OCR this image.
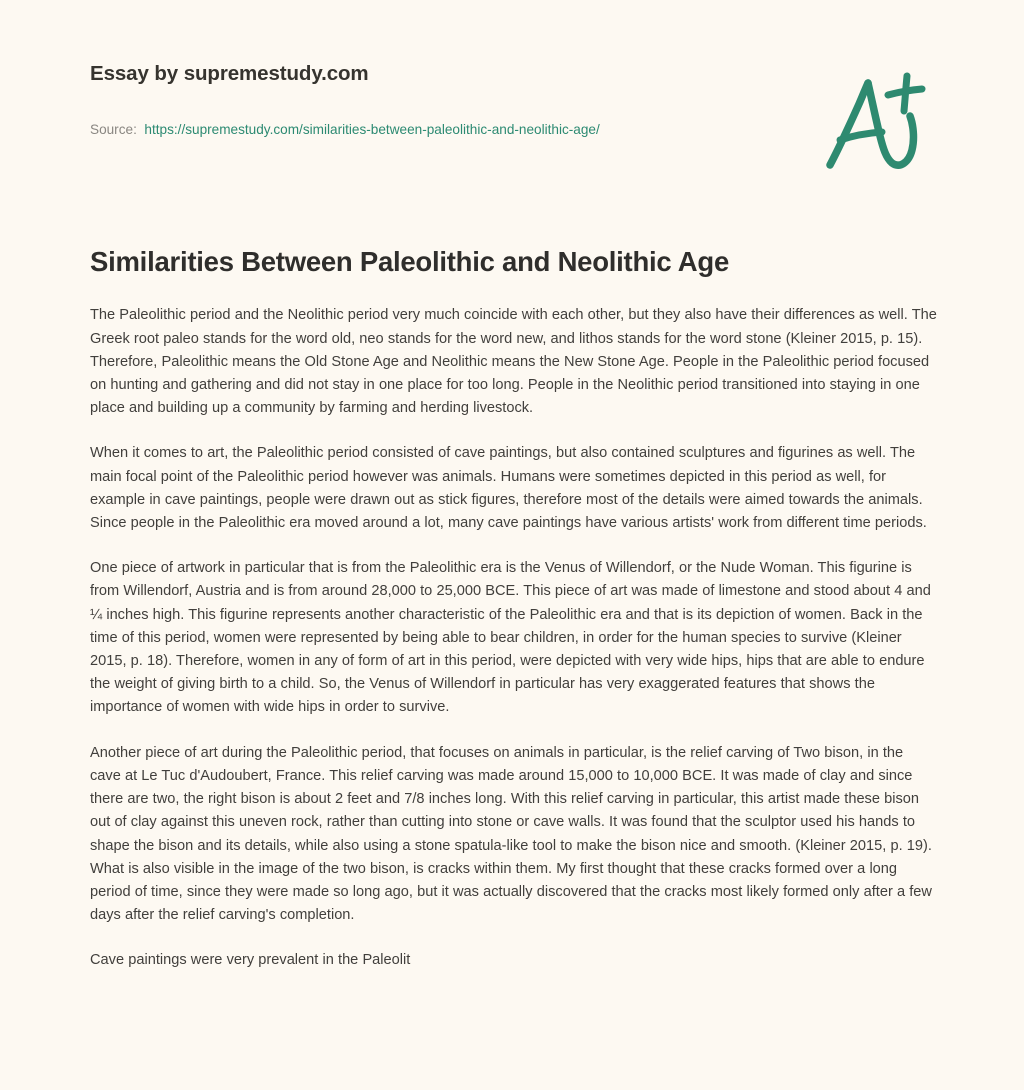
Essay by supremestudy.com
Source: https://supremestudy.com/similarities-between-paleolithic-and-neolithic-age/
Similarities Between Paleolithic and Neolithic Age

The Paleolithic period and the Neolithic period very much coincide with each other, but they also have their differences as well. The Greek root paleo stands for the word old, neo stands for the word new, and lithos stands for the word stone (Kleiner 2015, p. 15). Therefore, Paleolithic means the Old Stone Age and Neolithic means the New Stone Age. People in the Paleolithic period focused on hunting and gathering and did not stay in one place for too long. People in the Neolithic period transitioned into staying in one place and building up a community by farming and herding livestock.

When it comes to art, the Paleolithic period consisted of cave paintings, but also contained sculptures and figurines as well. The main focal point of the Paleolithic period however was animals. Humans were sometimes depicted in this period as well, for example in cave paintings, people were drawn out as stick figures, therefore most of the details were aimed towards the animals. Since people in the Paleolithic era moved around a lot, many cave paintings have various artists' work from different time periods.

One piece of artwork in particular that is from the Paleolithic era is the Venus of Willendorf, or the Nude Woman. This figurine is from Willendorf, Austria and is from around 28,000 to 25,000 BCE. This piece of art was made of limestone and stood about 4 and ¼ inches high. This figurine represents another characteristic of the Paleolithic era and that is its depiction of women. Back in the time of this period, women were represented by being able to bear children, in order for the human species to survive (Kleiner 2015, p. 18). Therefore, women in any of form of art in this period, were depicted with very wide hips, hips that are able to endure the weight of giving birth to a child. So, the Venus of Willendorf in particular has very exaggerated features that shows the importance of women with wide hips in order to survive.

Another piece of art during the Paleolithic period, that focuses on animals in particular, is the relief carving of Two bison, in the cave at Le Tuc d'Audoubert, France. This relief carving was made around 15,000 to 10,000 BCE. It was made of clay and since there are two, the right bison is about 2 feet and 7/8 inches long. With this relief carving in particular, this artist made these bison out of clay against this uneven rock, rather than cutting into stone or cave walls. It was found that the sculptor used his hands to shape the bison and its details, while also using a stone spatula-like tool to make the bison nice and smooth. (Kleiner 2015, p. 19). What is also visible in the image of the two bison, is cracks within them. My first thought that these cracks formed over a long period of time, since they were made so long ago, but it was actually discovered that the cracks most likely formed only after a few days after the relief carving's completion.

Cave paintings were very prevalent in the Paleolit
